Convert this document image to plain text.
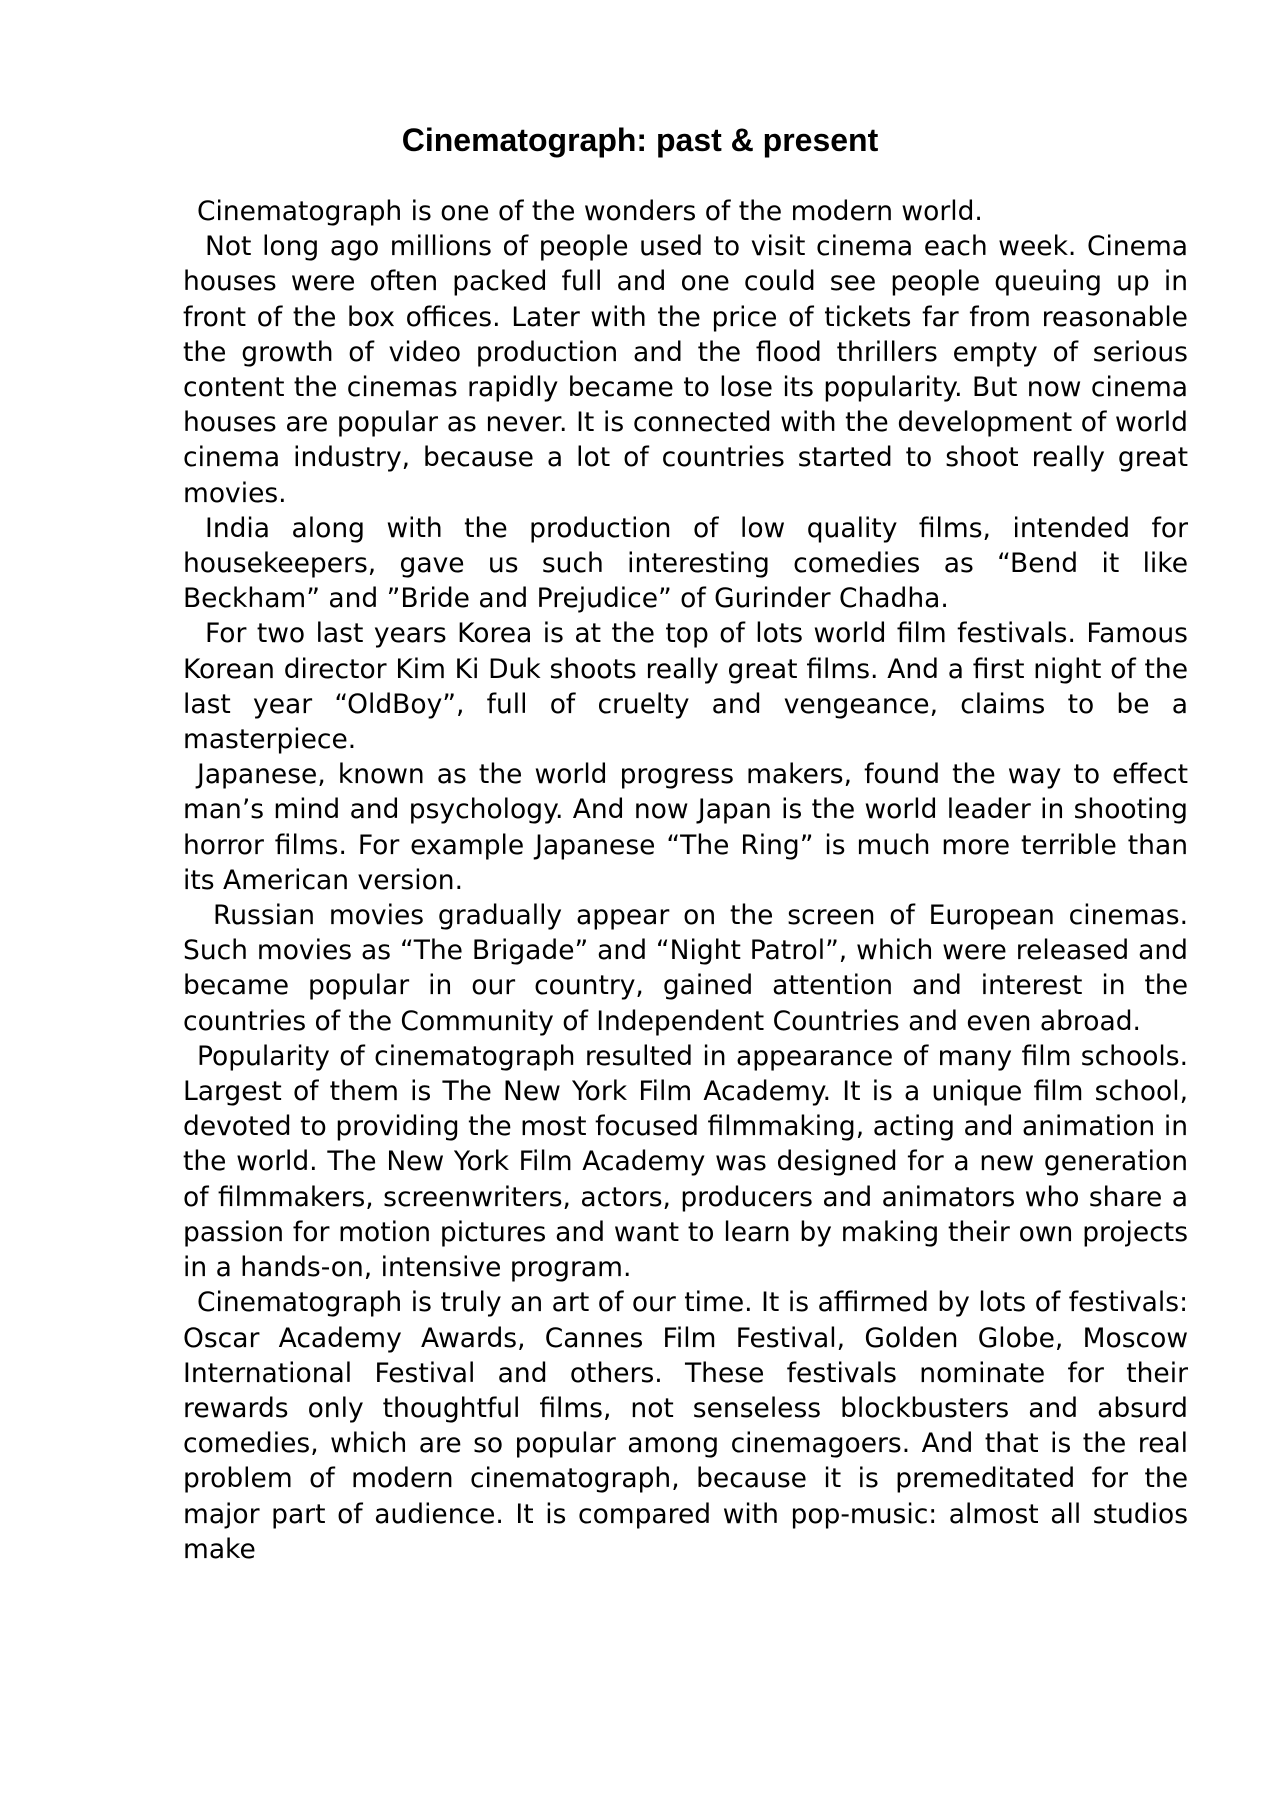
Cinematograph: past & present

Cinematograph is one of the wonders of the modern world.

Not long ago millions of people used to visit cinema each week. Cinema houses were often packed full and one could see people queuing up in front of the box offices. Later with the price of tickets far from reasonable the growth of video production and the flood thrillers empty of serious content the cinemas rapidly became to lose its popularity. But now cinema houses are popular as never. It is connected with the development of world cinema industry, because a lot of countries started to shoot really great movies.

India along with the production of low quality films, intended for housekeepers, gave us such interesting comedies as “Bend it like Beckham” and ”Bride and Prejudice” of Gurinder Chadha.

For two last years Korea is at the top of lots world film festivals. Famous Korean director Kim Ki Duk shoots really great films. And a first night of the last year “OldBoy”, full of cruelty and vengeance, claims to be a masterpiece.

Japanese, known as the world progress makers, found the way to effect man’s mind and psychology. And now Japan is the world leader in shooting horror films. For example Japanese “The Ring” is much more terrible than its American version.

Russian movies gradually appear on the screen of European cinemas. Such movies as “The Brigade” and “Night Patrol”, which were released and became popular in our country, gained attention and interest in the countries of the Community of Independent Countries and even abroad.

Popularity of cinematograph resulted in appearance of many film schools. Largest of them is The New York Film Academy. It is a unique film school, devoted to providing the most focused filmmaking, acting and animation in the world. The New York Film Academy was designed for a new generation of filmmakers, screenwriters, actors, producers and animators who share a passion for motion pictures and want to learn by making their own projects in a hands-on, intensive program.

Cinematograph is truly an art of our time. It is affirmed by lots of festivals: Oscar Academy Awards, Cannes Film Festival, Golden Globe, Moscow International Festival and others. These festivals nominate for their rewards only thoughtful films, not senseless blockbusters and absurd comedies, which are so popular among cinemagoers. And that is the real problem of modern cinematograph, because it is premeditated for the major part of audience. It is compared with pop-music: almost all studios make
